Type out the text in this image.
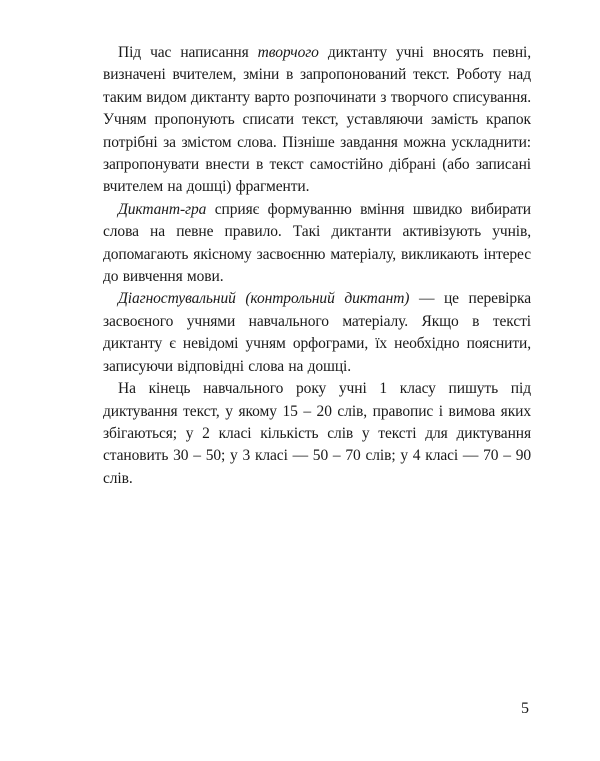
Під час написання творчого диктанту учні вносять певні, визначені вчителем, зміни в запропонований текст. Роботу над таким видом диктанту варто розпочинати з творчого списування. Учням пропонують списати текст, уставляючи замість крапок потрібні за змістом слова. Пізніше завдання можна ускладнити: запропонувати внести в текст самостійно дібрані (або записані вчителем на дошці) фрагменти.

Диктант-гра сприяє формуванню вміння швидко вибирати слова на певне правило. Такі диктанти активізують учнів, допомагають якісному засвоєнню матеріалу, викликають інтерес до вивчення мови.

Діагностувальний (контрольний диктант) — це перевірка засвоєного учнями навчального матеріалу. Якщо в тексті диктанту є невідомі учням орфограми, їх необхідно пояснити, записуючи відповідні слова на дошці.

На кінець навчального року учні 1 класу пишуть під диктування текст, у якому 15 – 20 слів, правопис і вимова яких збігаються; у 2 класі кількість слів у тексті для диктування становить 30 – 50; у 3 класі — 50 – 70 слів; у 4 класі — 70 – 90 слів.

5
